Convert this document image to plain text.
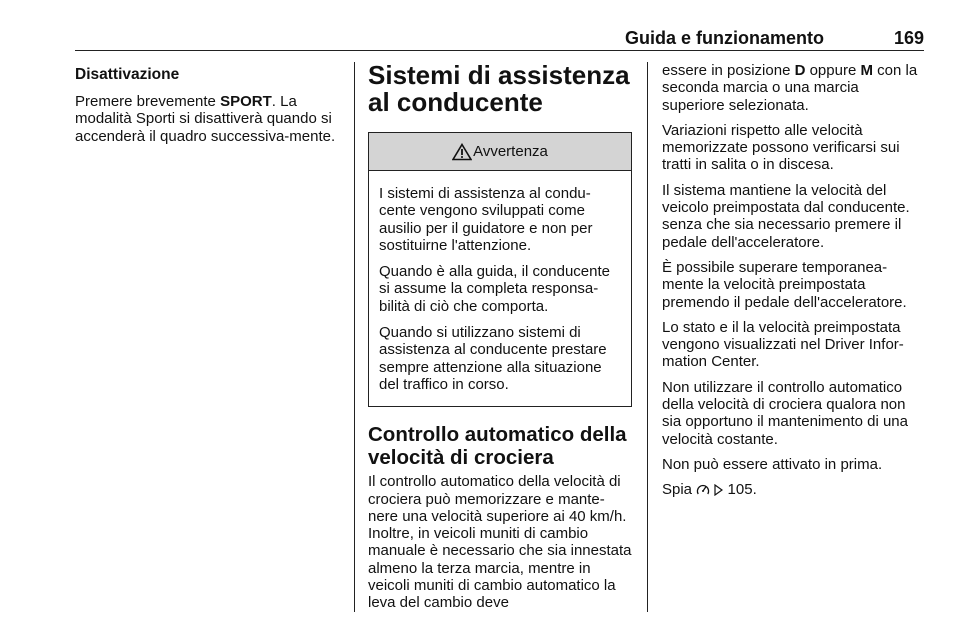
Guida e funzionamento	169
Disattivazione

Premere brevemente SPORT. La modalità Sporti si disattiverà quando si accenderà il quadro successiva-mente.

Sistemi di assistenza al conducente
Avvertenza

I sistemi di assistenza al condu-cente vengono sviluppati come ausilio per il guidatore e non per sostituirne l'attenzione.

Quando è alla guida, il conducente si assume la completa responsa-bilità di ciò che comporta.

Quando si utilizzano sistemi di assistenza al conducente prestare sempre attenzione alla situazione del traffico in corso.

Controllo automatico della velocità di crociera

Il controllo automatico della velocità di crociera può memorizzare e mante-nere una velocità superiore ai 40 km/h. Inoltre, in veicoli muniti di cambio manuale è necessario che sia innestata almeno la terza marcia, mentre in veicoli muniti di cambio automatico la leva del cambio deve

essere in posizione D oppure M con la seconda marcia o una marcia superiore selezionata.

Variazioni rispetto alle velocità memorizzate possono verificarsi sui tratti in salita o in discesa.

Il sistema mantiene la velocità del veicolo preimpostata dal conducente. senza che sia necessario premere il pedale dell'acceleratore.

È possibile superare temporanea-mente la velocità preimpostata premendo il pedale dell'acceleratore.

Lo stato e il la velocità preimpostata vengono visualizzati nel Driver Infor-mation Center.

Non utilizzare il controllo automatico della velocità di crociera qualora non sia opportuno il mantenimento di una velocità costante.

Non può essere attivato in prima.

Spia   105.
